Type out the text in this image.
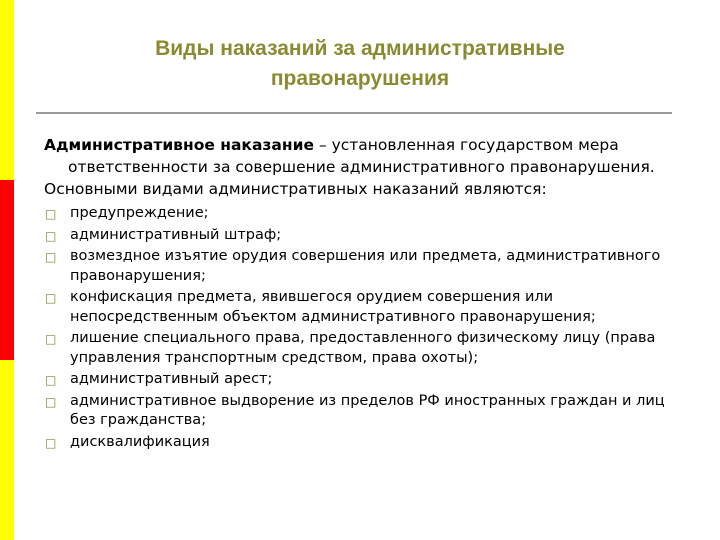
Виды наказаний за административные правонарушения

Административное наказание – установленная государством мера ответственности за совершение административного правонарушения.

Основными видами административных наказаний являются:

□ предупреждение;
□ административный штраф;
□ возмездное изъятие орудия совершения или предмета, административного
правонарушения;
□ конфискация предмета, явившегося орудием совершения или
непосредственным объектом административного правонарушения;
□ лишение специального права, предоставленного физическому лицу (права
управления транспортным средством, права охоты);
□ административный арест;
□ административное выдворение из пределов РФ иностранных граждан и лиц
без гражданства;
□ дисквалификация
